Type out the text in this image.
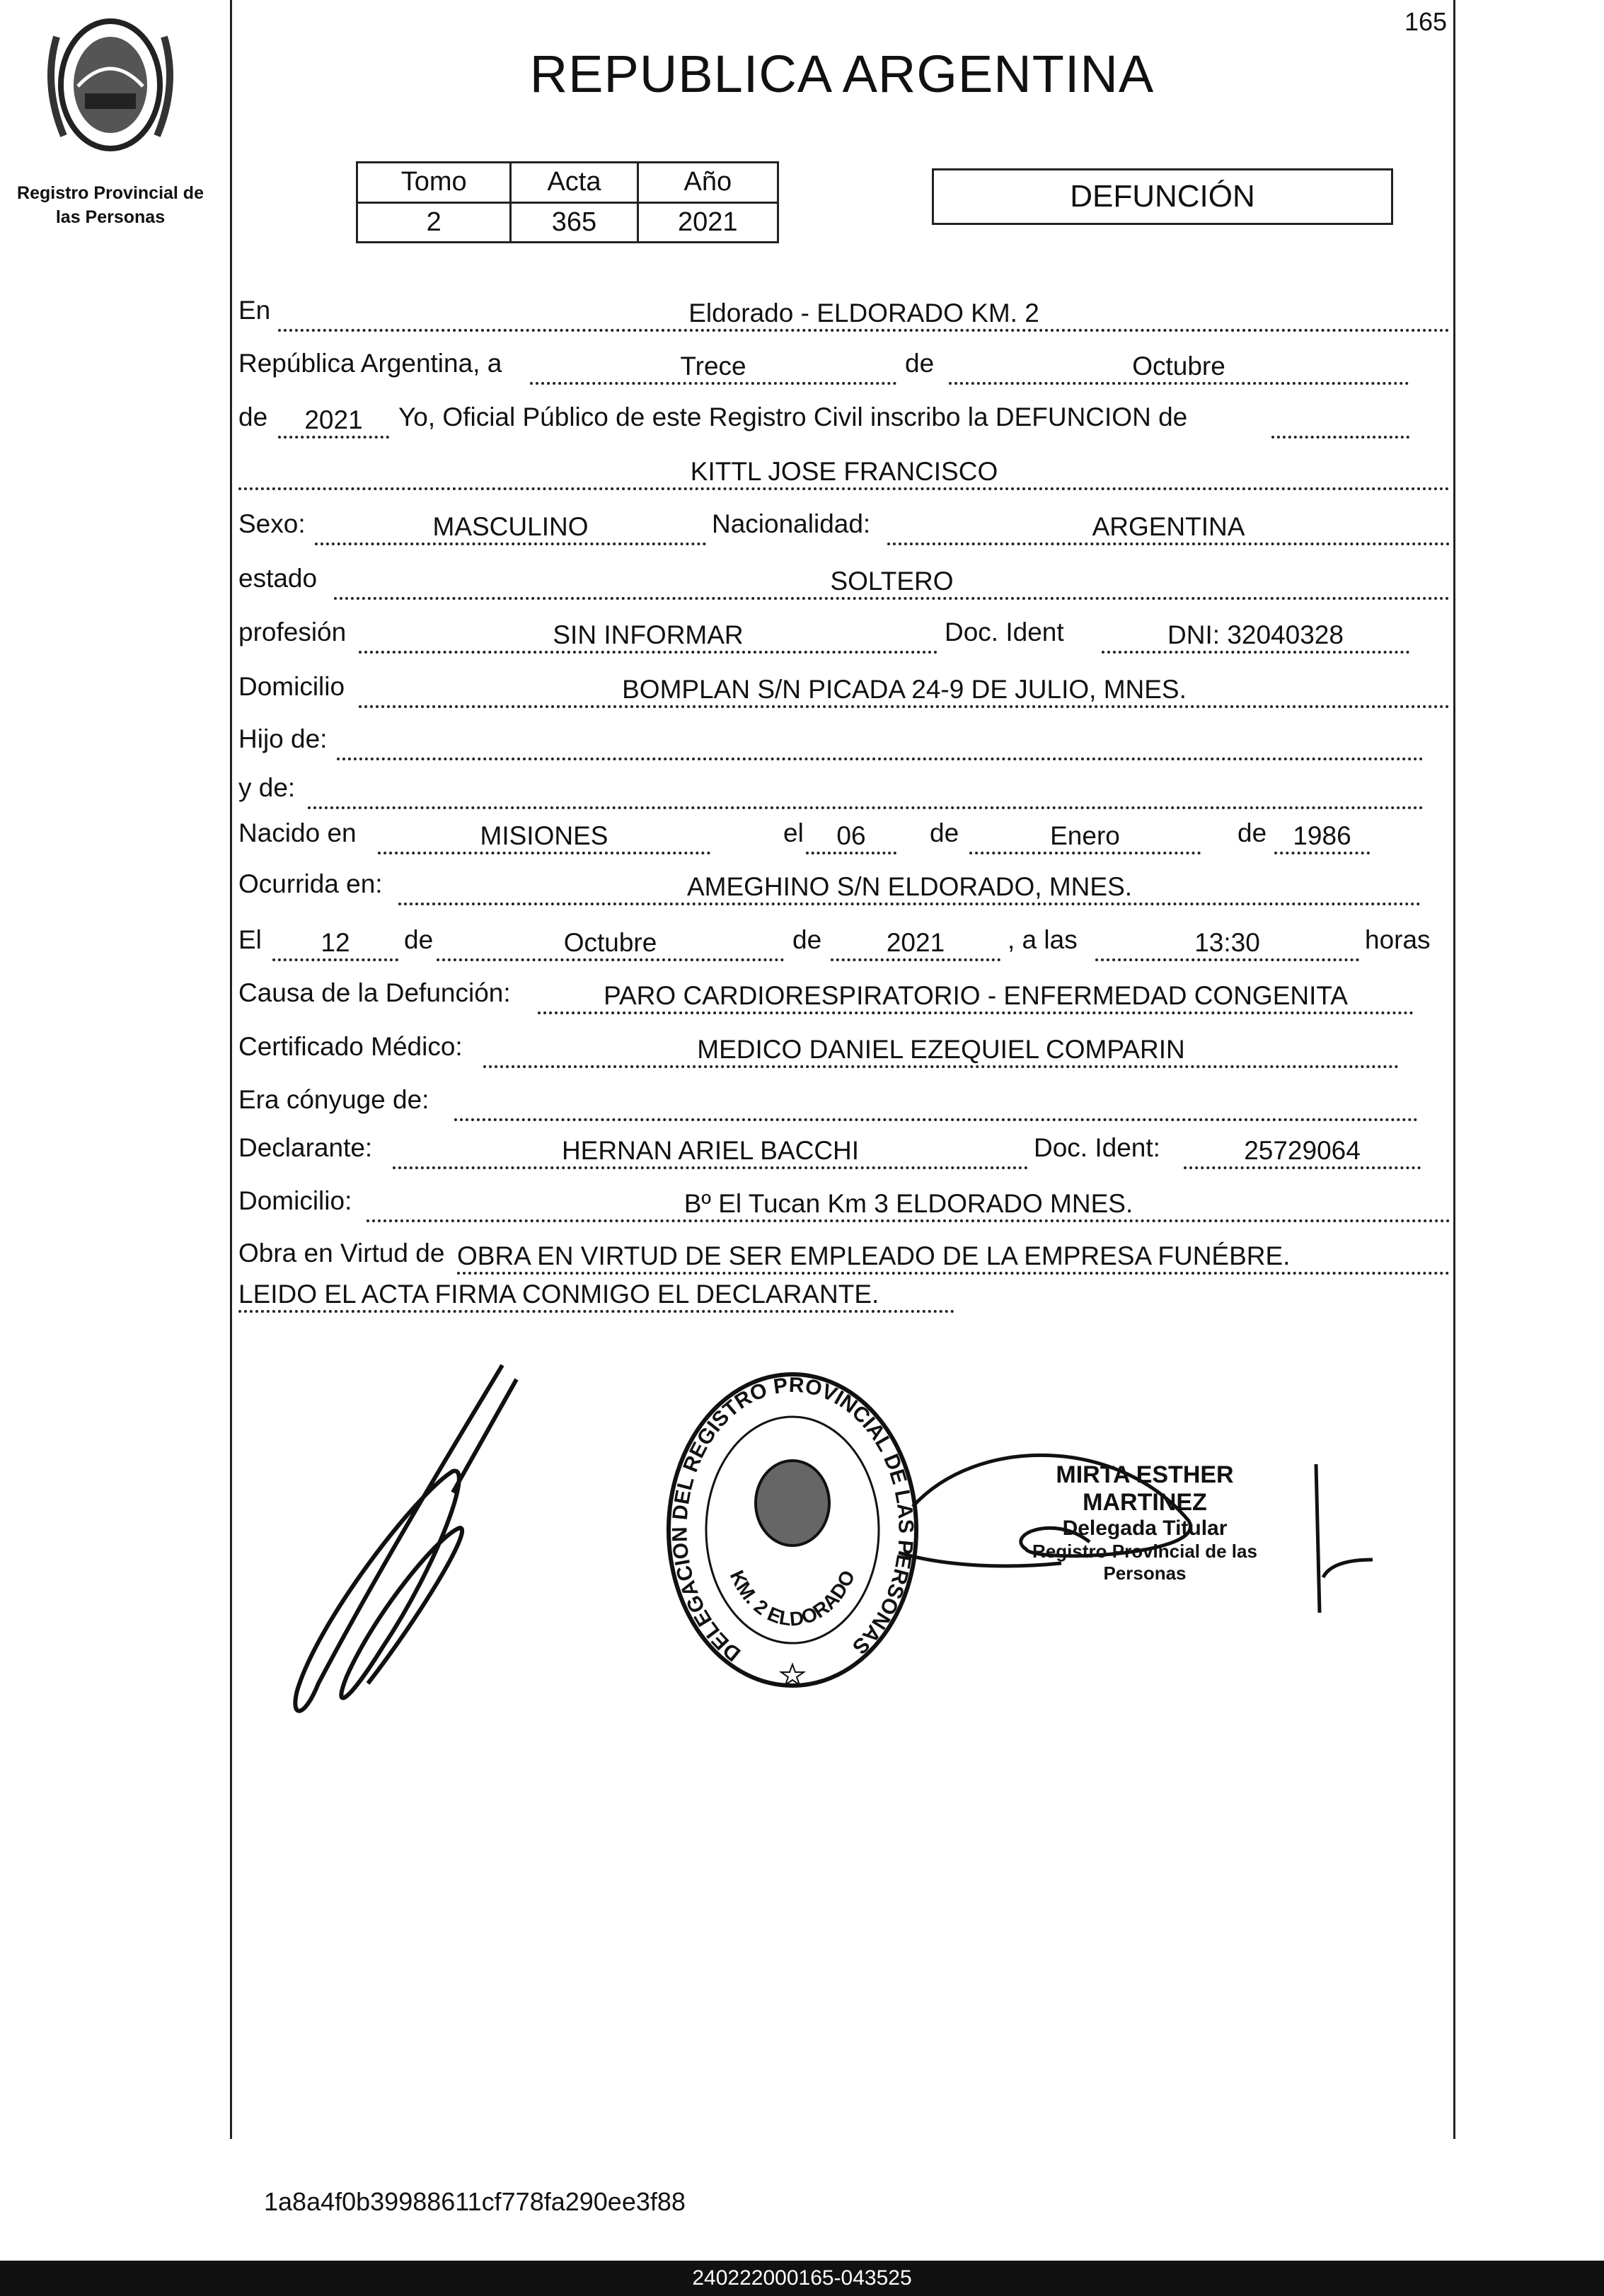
165
Registro Provincial de
las Personas
REPUBLICA ARGENTINA
Tomo	Acta	Año
2	365	2021
DEFUNCIÓN
En	Eldorado - ELDORADO KM. 2
República Argentina, a	Trece	de	Octubre
de	2021	Yo, Oficial Público de este Registro Civil inscribo la DEFUNCION de
KITTL JOSE FRANCISCO
Sexo:	MASCULINO	Nacionalidad:	ARGENTINA
estado	SOLTERO
profesión	SIN INFORMAR	Doc. Ident	DNI: 32040328
Domicilio	BOMPLAN S/N PICADA 24-9 DE JULIO, MNES.
Hijo de:
y de:
Nacido en	MISIONES	el	06	de	Enero	de	1986
Ocurrida en:	AMEGHINO S/N ELDORADO, MNES.
El	12	de	Octubre	de	2021	, a las	13:30	horas
Causa de la Defunción:	PARO CARDIORESPIRATORIO - ENFERMEDAD CONGENITA
Certificado Médico:	MEDICO DANIEL EZEQUIEL COMPARIN
Era cónyuge de:
Declarante:	HERNAN ARIEL BACCHI	Doc. Ident:	25729064
Domicilio:	Bº El Tucan Km 3 ELDORADO MNES.
Obra en Virtud de OBRA EN VIRTUD DE SER EMPLEADO DE LA EMPRESA FUNÉBRE.
LEIDO EL ACTA FIRMA CONMIGO EL DECLARANTE.
DELEGACION DEL REGISTRO PROVINCIAL DE LAS PERSONAS
KM. 2 ELDORADO
MIRTA ESTHER MARTINEZ
Delegada Titular
Registro Provincial de las Personas
1a8a4f0b39988611cf778fa290ee3f88
240222000165-043525
